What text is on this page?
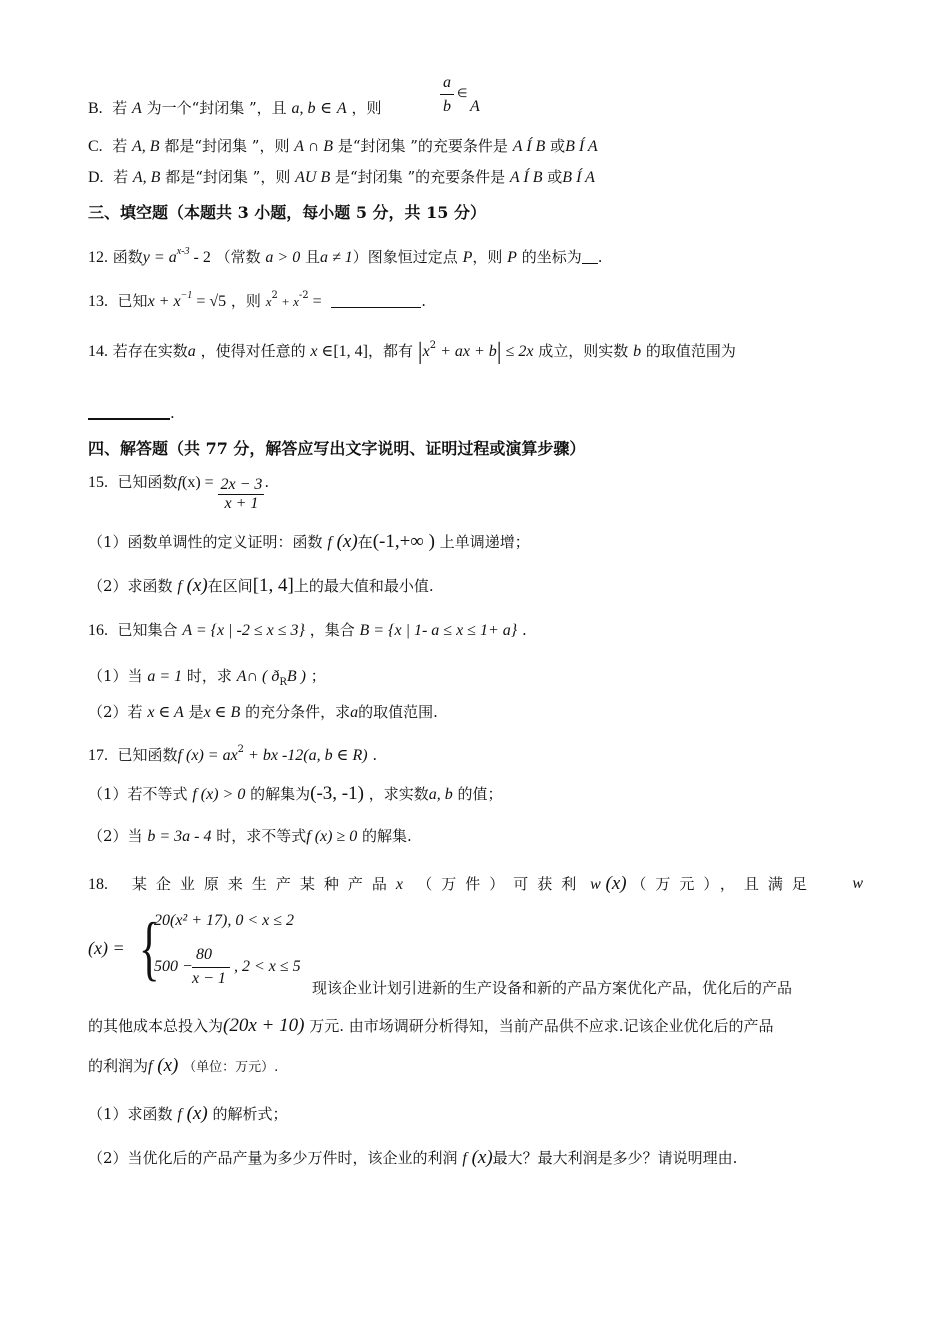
B. 若 A 为一个“封闭集 ”，且 a, b ∈ A ，则
a
b
∈
A
C. 若 A, B 都是“封闭集 ”，则 A ∩ B 是“封闭集 ”的充要条件是 A Í B 或B Í A
D. 若 A, B 都是“封闭集 ”，则 AU B 是“封闭集 ”的充要条件是 A Í B 或B Í A
三、填空题（本题共 3 小题，每小题 5 分，共 15 分）
12. 函数$y = a^{x-3} - 2$ （常数 a > 0 且a ≠ 1）图象恒过定点 P，则 P 的坐标为 .
13. 已知$x + x^{-1} = √5$ ，则 $x^2 + x^{-2}$ =	.
14. 若存在实数a ，使得对任意的 x ∈[1, 4]，都有 $|x^2$ + ax + b| ≤ 2x 成立，则实数 b 的取值范围为
.
四、解答题（共 77 分，解答应写出文字说明、证明过程或演算步骤）
15. 已知函数$f(x) = \frac{2x - 3}{x + 1}$ .
（1）函数单调性的定义证明：函数 f (x)在(-1,+∞ ) 上单调递增；
（2）求函数 f (x)在区间[1, 4]上的最大值和最小值.
16. 已知集合 A = {x | -2 ≤ x ≤ 3} ，集合 B = {x | 1- a ≤ x ≤ 1+ a} .
（1）当 a = 1 时，求 A∩ ( $ð_RB$ ) ；
（2）若 x ∈ A 是x ∈ B 的充分条件，求a的取值范围.
17. 已知函数f $(x) = ax^2$ + bx -12(a, b ∈ R) .
（1）若不等式 f (x) > 0 的解集为(-3, -1) ，求实数a, b 的值；
（2）当 b = 3a - 4 时，求不等式f (x) ≥ 0 的解集.
18. 某企业原来生产某种产品x （万件）可获利 w (x) （万元），且满足 w
(x) = {
20(x² + 17), 0 < x ≤ 2
500 −
80
x − 1
, 2 < x ≤ 5
现该企业计划引进新的生产设备和新的产品方案优化产品，优化后的产品
的其他成本总投入为(20x + 10) 万元. 由市场调研分析得知，当前产品供不应求.记该企业优化后的产品
的利润为f (x) （单位：万元）.
（1）求函数 f (x) 的解析式；
（2）当优化后的产品产量为多少万件时，该企业的利润 f (x)最大？最大利润是多少？请说明理由.
